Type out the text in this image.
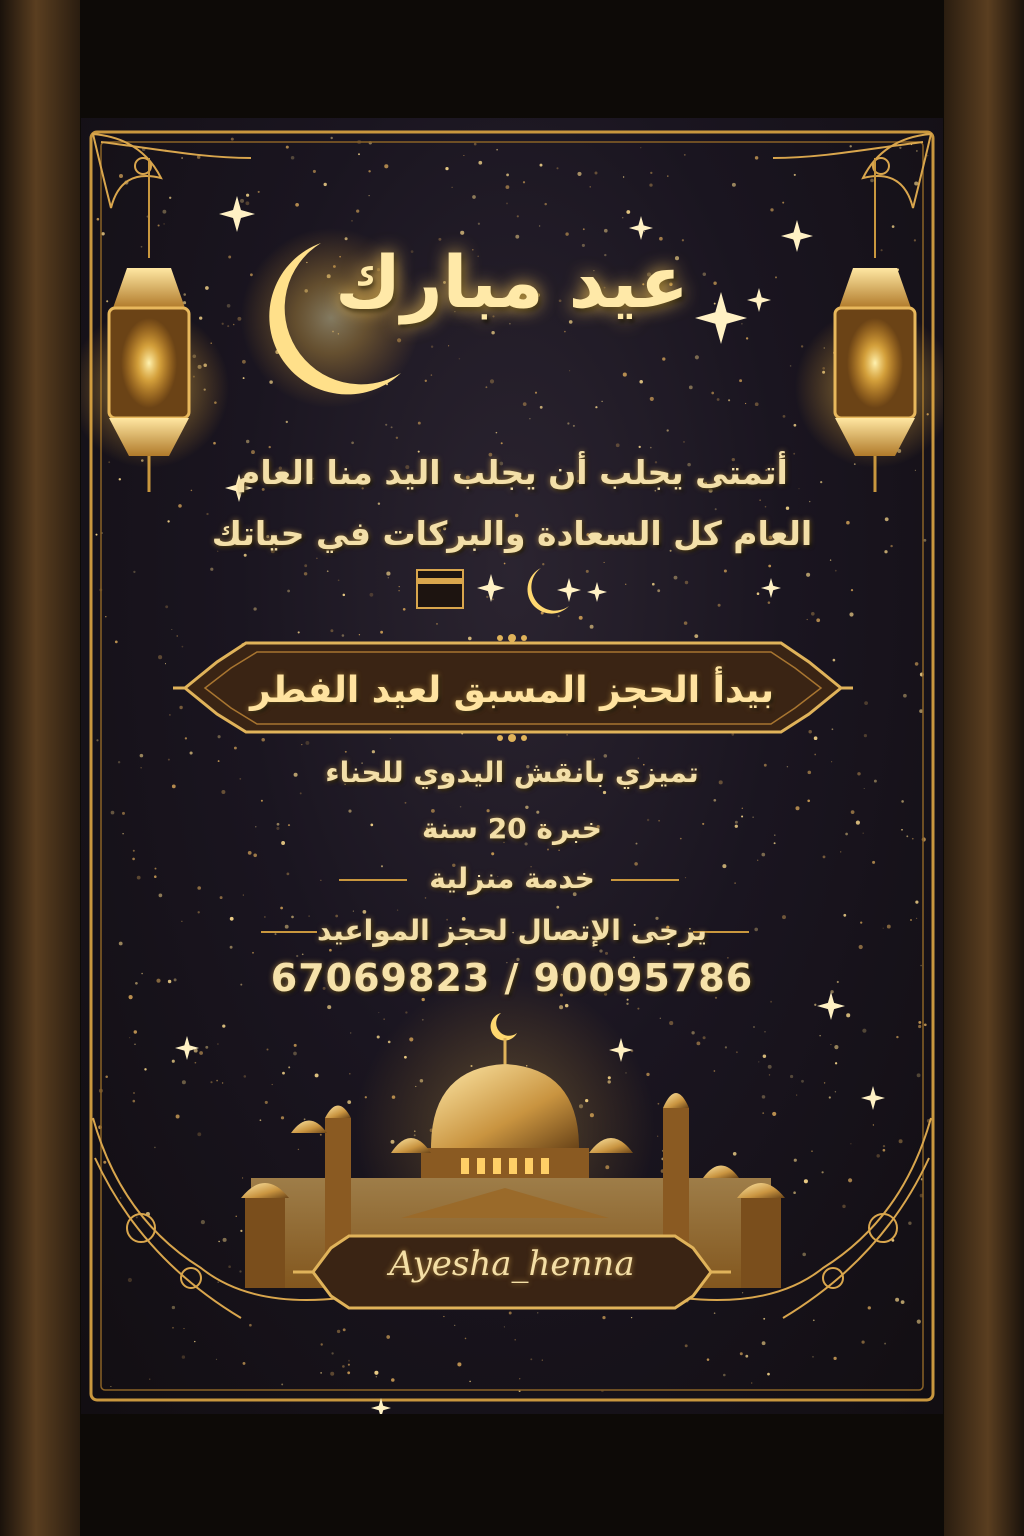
عيد مبارك
أتمتى يجلب أن يجلب اليد منا العام
العام كل السعادة والبركات في حياتك
بيدأ الحجز المسبق لعيد الفطر
تميزي بانقش اليدوي للحناء
خبرة 20 سنة
خدمة منزلية
يرجى الإتصال لحجز المواعيد
67069823 / 90095786
Ayesha_henna
